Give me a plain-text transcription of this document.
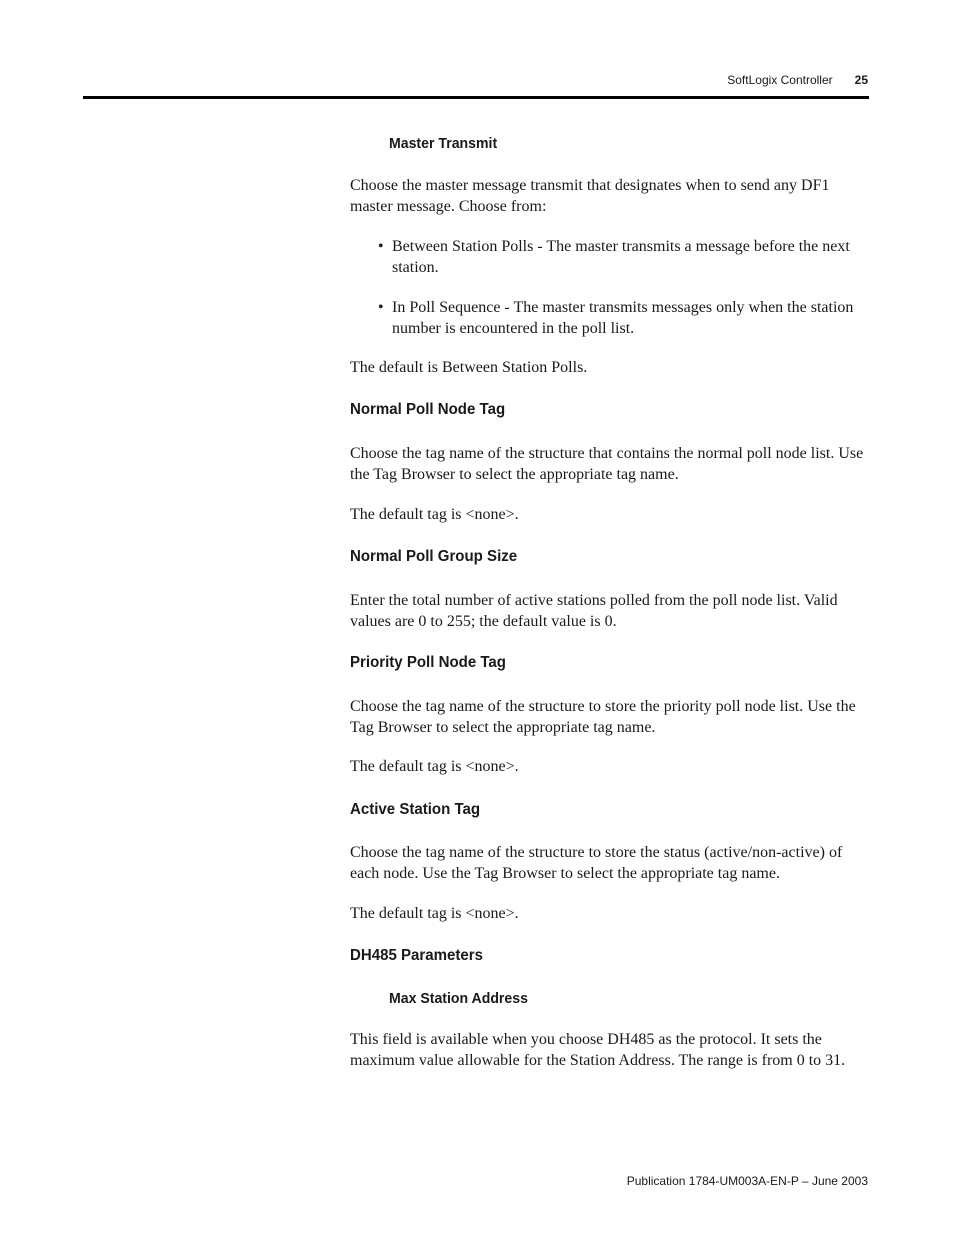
SoftLogix Controller 25
Master Transmit

Choose the master message transmit that designates when to send any DF1 master message. Choose from:

• Between Station Polls - The master transmits a message before the next station.
• In Poll Sequence - The master transmits messages only when the station number is encountered in the poll list.

The default is Between Station Polls.

Normal Poll Node Tag

Choose the tag name of the structure that contains the normal poll node list. Use the Tag Browser to select the appropriate tag name.

The default tag is <none>.

Normal Poll Group Size

Enter the total number of active stations polled from the poll node list. Valid values are 0 to 255; the default value is 0.

Priority Poll Node Tag

Choose the tag name of the structure to store the priority poll node list. Use the Tag Browser to select the appropriate tag name.

The default tag is <none>.

Active Station Tag

Choose the tag name of the structure to store the status (active/non-active) of each node. Use the Tag Browser to select the appropriate tag name.

The default tag is <none>.

DH485 Parameters
Max Station Address

This field is available when you choose DH485 as the protocol. It sets the maximum value allowable for the Station Address. The range is from 0 to 31.

Publication 1784-UM003A-EN-P – June 2003
